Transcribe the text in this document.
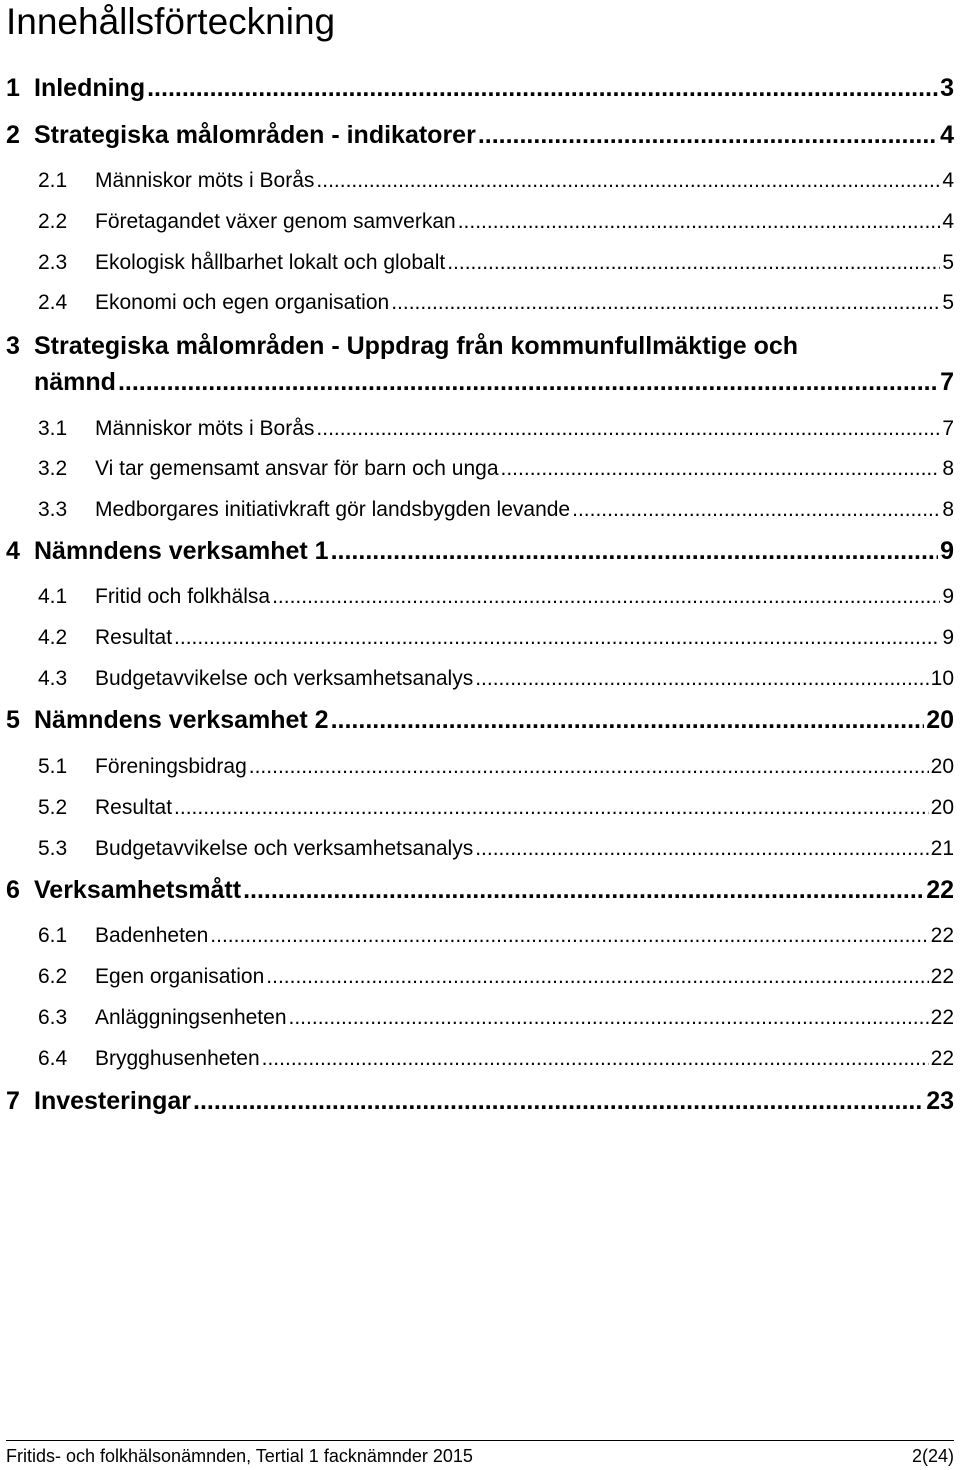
Innehållsförteckning
1 Inledning .....	3
2 Strategiska målområden - indikatorer .....	4
2.1	Människor möts i Borås .....	4
2.2	Företagandet växer genom samverkan .....	4
2.3	Ekologisk hållbarhet lokalt och globalt .....	5
2.4	Ekonomi och egen organisation .....	5
3 Strategiska målområden - Uppdrag från kommunfullmäktige och
nämnd .....	7
3.1	Människor möts i Borås .....	7
3.2	Vi tar gemensamt ansvar för barn och unga .....	8
3.3	Medborgares initiativkraft gör landsbygden levande .....	8
4 Nämndens verksamhet 1 .....	9
4.1	Fritid och folkhälsa .....	9
4.2	Resultat .....	9
4.3	Budgetavvikelse och verksamhetsanalys .....	10
5 Nämndens verksamhet 2 .....	20
5.1	Föreningsbidrag .....	20
5.2	Resultat .....	20
5.3	Budgetavvikelse och verksamhetsanalys .....	21
6 Verksamhetsmått .....	22
6.1	Badenheten .....	22
6.2	Egen organisation .....	22
6.3	Anläggningsenheten .....	22
6.4	Brygghusenheten .....	22
7 Investeringar .....	23
Fritids- och folkhälsonämnden, Tertial 1 facknämnder 2015	2(24)
